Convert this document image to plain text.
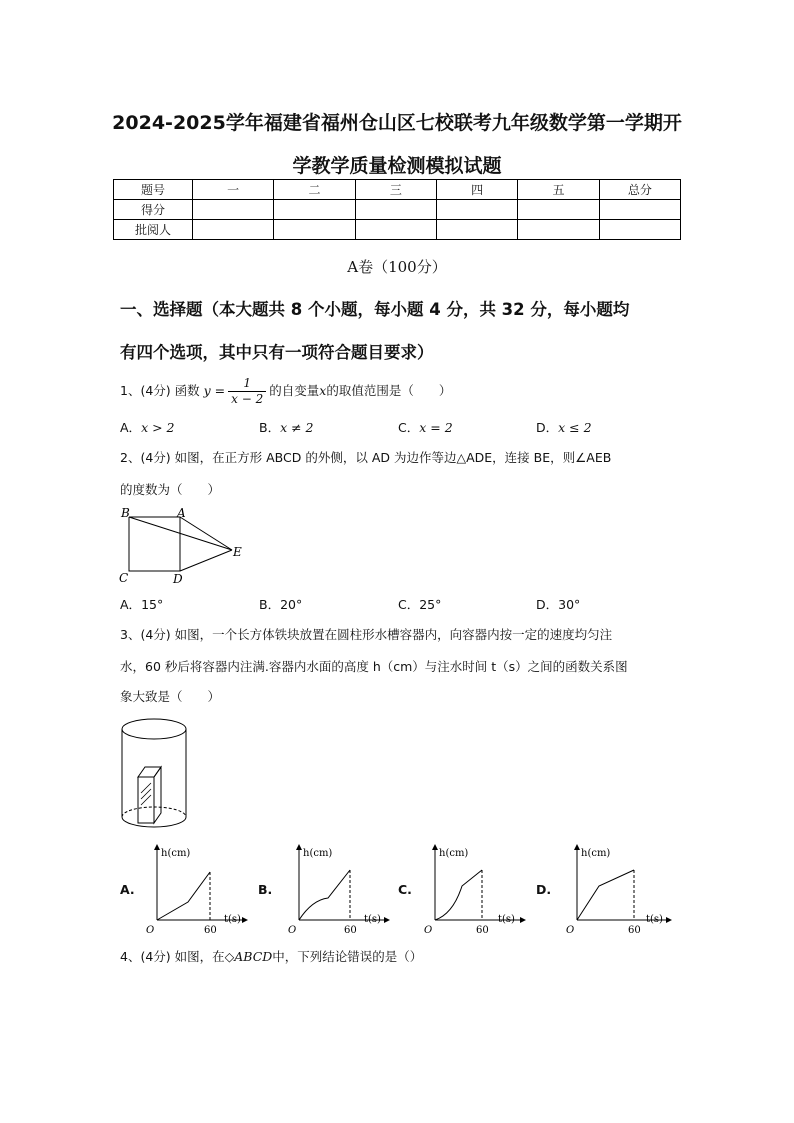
2024-2025学年福建省福州仓山区七校联考九年级数学第一学期开
学教学质量检测模拟试题
题号	一	二	三	四	五	总分
得分						
批阅人						
A卷（100分）
一、选择题（本大题共 8 个小题，每小题 4 分，共 32 分，每小题均
有四个选项，其中只有一项符合题目要求）
1、(4分) 函数 $y = \frac{1}{x - 2}$ 的自变量 x 的取值范围是（　　）
A．x > 2	B．x ≠ 2	C．x = 2	D．x ≤ 2
2、(4分) 如图，在正方形 ABCD 的外侧，以 AD 为边作等边△ADE，连接 BE，则∠AEB
的度数为（　　）
B	A
C	D
E
A．15°	B．20°	C．25°	D．30°
3、(4分) 如图，一个长方体铁块放置在圆柱形水槽容器内，向容器内按一定的速度均匀注
水，60 秒后将容器内注满.容器内水面的高度 h（cm）与注水时间 t（s）之间的函数关系图
象大致是（　　）
A.
h(cm)
t(s)
O	60
B.
h(cm)
t(s)
O	60
C.
h(cm)
t(s)
O	60
D.
h(cm)
t(s)
O	60
4、(4分) 如图，在◇ABCD中，下列结论错误的是（）
